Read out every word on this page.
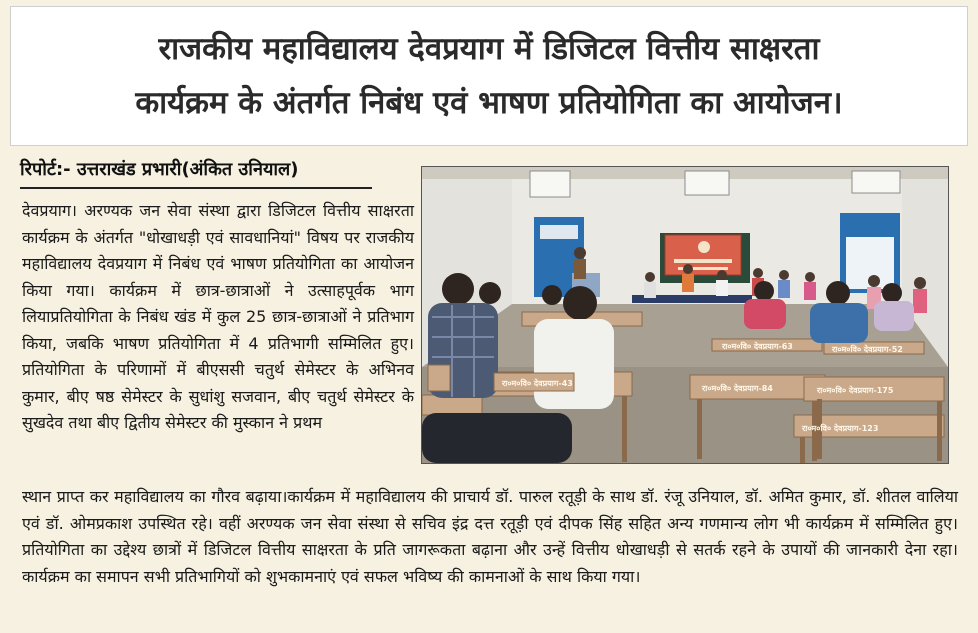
राजकीय महाविद्यालय देवप्रयाग में डिजिटल वित्तीय साक्षरता
कार्यक्रम के अंतर्गत निबंध एवं भाषण प्रतियोगिता का आयोजन।
रिपोर्ट:- उत्तराखंड प्रभारी(अंकित उनियाल)
देवप्रयाग। अरण्यक जन सेवा संस्था द्वारा डिजिटल वित्तीय साक्षरता कार्यक्रम के अंतर्गत "धोखाधड़ी एवं सावधानियां" विषय पर राजकीय महाविद्यालय देवप्रयाग में निबंध एवं भाषण प्रतियोगिता का आयोजन किया गया। कार्यक्रम में छात्र-छात्राओं ने उत्साहपूर्वक भाग लियाप्रतियोगिता के निबंध खंड में कुल 25 छात्र-छात्राओं ने प्रतिभाग किया, जबकि भाषण प्रतियोगिता में 4 प्रतिभागी सम्मिलित हुए। प्रतियोगिता के परिणामों में बीएससी चतुर्थ सेमेस्टर के अभिनव कुमार, बीए षष्ठ सेमेस्टर के सुधांशु सजवान, बीए चतुर्थ सेमेस्टर के सुखदेव तथा बीए द्वितीय सेमेस्टर की मुस्कान ने प्रथम
रा०म०वि० देवप्रयाग-43
रा०म०वि० देवप्रयाग-84
रा०म०वि० देवप्रयाग-123
रा०म०वि० देवप्रयाग-175
रा०म०वि० देवप्रयाग-63	रा०म०वि० देवप्रयाग-52
स्थान प्राप्त कर महाविद्यालय का गौरव बढ़ाया।कार्यक्रम में महाविद्यालय की प्राचार्य डॉ. पारुल रतूड़ी के साथ डॉ. रंजू उनियाल, डॉ. अमित कुमार, डॉ. शीतल वालिया एवं डॉ. ओमप्रकाश उपस्थित रहे। वहीं अरण्यक जन सेवा संस्था से सचिव इंद्र दत्त रतूड़ी एवं दीपक सिंह सहित अन्य गणमान्य लोग भी कार्यक्रम में सम्मिलित हुए।प्रतियोगिता का उद्देश्य छात्रों में डिजिटल वित्तीय साक्षरता के प्रति जागरूकता बढ़ाना और उन्हें वित्तीय धोखाधड़ी से सतर्क रहने के उपायों की जानकारी देना रहा। कार्यक्रम का समापन सभी प्रतिभागियों को शुभकामनाएं एवं सफल भविष्य की कामनाओं के साथ किया गया।
